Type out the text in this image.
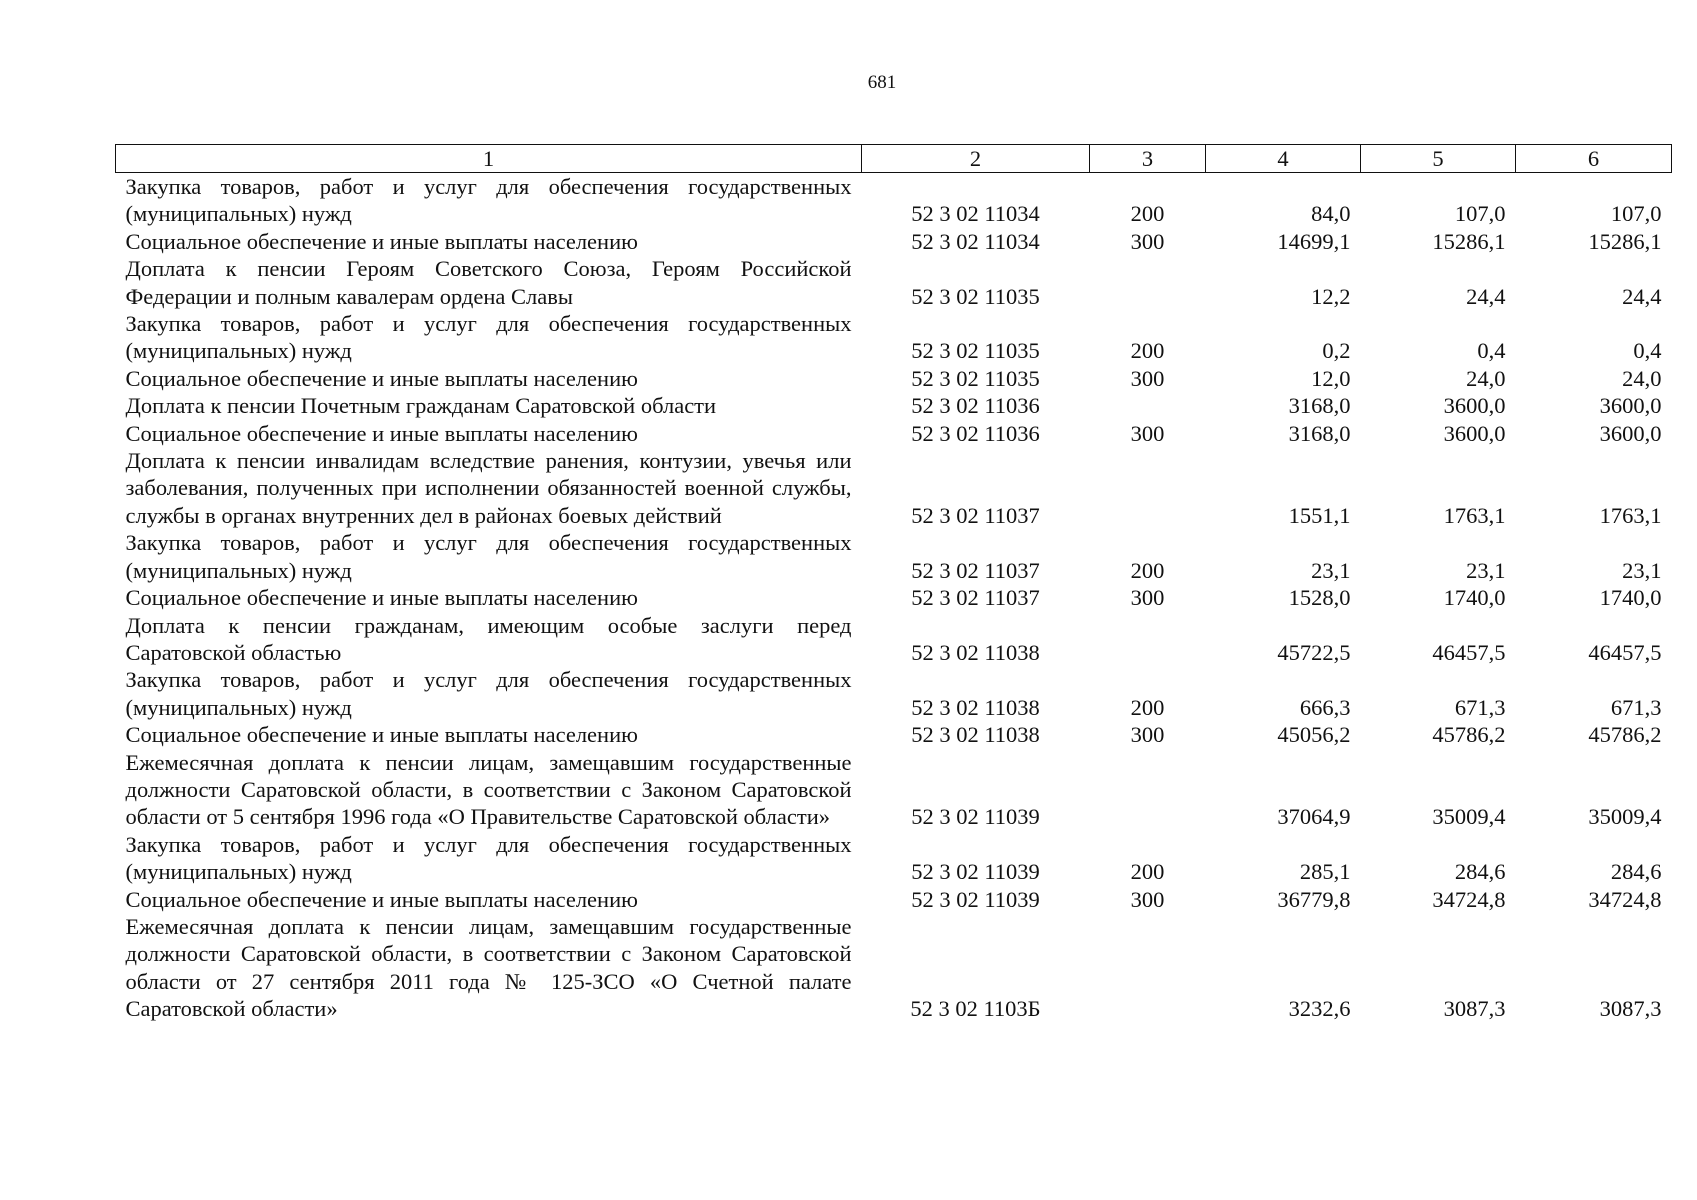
681
1	2	3	4	5	6
Закупка товаров, работ и услуг для обеспечения государственных (муниципальных) нужд	52 3 02 11034	200	84,0	107,0	107,0
Социальное обеспечение и иные выплаты населению	52 3 02 11034	300	14699,1	15286,1	15286,1
Доплата к пенсии Героям Советского Союза, Героям Российской Федерации и полным кавалерам ордена Славы	52 3 02 11035		12,2	24,4	24,4
Закупка товаров, работ и услуг для обеспечения государственных (муниципальных) нужд	52 3 02 11035	200	0,2	0,4	0,4
Социальное обеспечение и иные выплаты населению	52 3 02 11035	300	12,0	24,0	24,0
Доплата к пенсии Почетным гражданам Саратовской области	52 3 02 11036		3168,0	3600,0	3600,0
Социальное обеспечение и иные выплаты населению	52 3 02 11036	300	3168,0	3600,0	3600,0
Доплата к пенсии инвалидам вследствие ранения, контузии, увечья или заболевания, полученных при исполнении обязанностей военной службы, службы в органах внутренних дел в районах боевых действий	52 3 02 11037		1551,1	1763,1	1763,1
Закупка товаров, работ и услуг для обеспечения государственных (муниципальных) нужд	52 3 02 11037	200	23,1	23,1	23,1
Социальное обеспечение и иные выплаты населению	52 3 02 11037	300	1528,0	1740,0	1740,0
Доплата к пенсии гражданам, имеющим особые заслуги перед Саратовской областью	52 3 02 11038		45722,5	46457,5	46457,5
Закупка товаров, работ и услуг для обеспечения государственных (муниципальных) нужд	52 3 02 11038	200	666,3	671,3	671,3
Социальное обеспечение и иные выплаты населению	52 3 02 11038	300	45056,2	45786,2	45786,2
Ежемесячная доплата к пенсии лицам, замещавшим государственные должности Саратовской области, в соответствии с Законом Саратовской области от 5 сентября 1996 года «О Правительстве Саратовской области»	52 3 02 11039		37064,9	35009,4	35009,4
Закупка товаров, работ и услуг для обеспечения государственных (муниципальных) нужд	52 3 02 11039	200	285,1	284,6	284,6
Социальное обеспечение и иные выплаты населению	52 3 02 11039	300	36779,8	34724,8	34724,8
Ежемесячная доплата к пенсии лицам, замещавшим государственные должности Саратовской области, в соответствии с Законом Саратовской области от 27 сентября 2011 года № 125-ЗСО «О Счетной палате Саратовской области»	52 3 02 1103Б		3232,6	3087,3	3087,3
